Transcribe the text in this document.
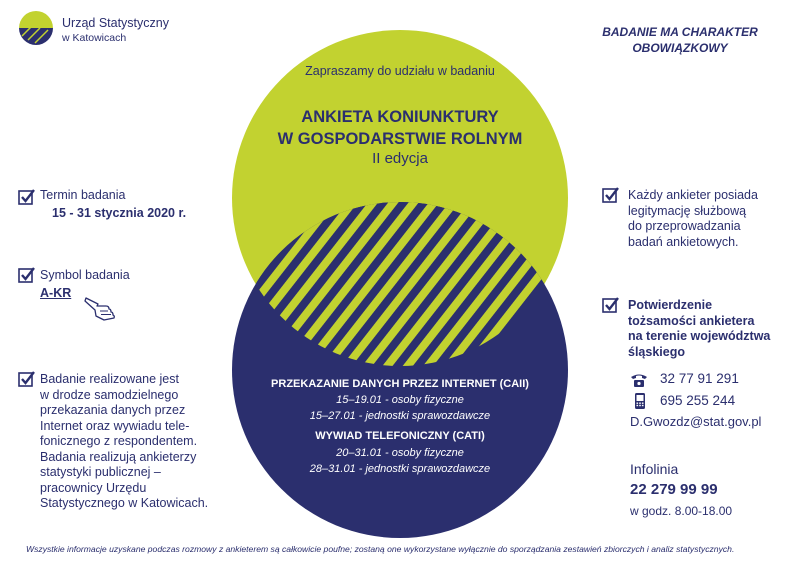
Urząd Statystyczny
w Katowicach	BADANIE MA CHARAKTER
OBOWIĄZKOWY
Zapraszamy do udziału w badaniu
ANKIETA KONIUNKTURY
W GOSPODARSTWIE ROLNYM
II edycja
PRZEKAZANIE DANYCH PRZEZ INTERNET (CAII)
15–19.01 - osoby fizyczne
15–27.01 - jednostki sprawozdawcze
WYWIAD TELEFONICZNY (CATI)
20–31.01 - osoby fizyczne
28–31.01 - jednostki sprawozdawcze
Termin badania
15 - 31 stycznia 2020 r.
Symbol badania
A-KR
Badanie realizowane jest
w drodze samodzielnego
przekazania danych przez
Internet oraz wywiadu tele-
fonicznego z respondentem.
Badania realizują ankieterzy
statystyki publicznej –
pracownicy Urzędu
Statystycznego w Katowicach.
Każdy ankieter posiada
legitymację służbową
do przeprowadzania
badań ankietowych.
Potwierdzenie
tożsamości ankietera
na terenie województwa
śląskiego
32 77 91 291
695 255 244
D.Gwozdz@stat.gov.pl
Infolinia
22 279 99 99
w godz. 8.00-18.00
Wszystkie informacje uzyskane podczas rozmowy z ankieterem są całkowicie poufne; zostaną one wykorzystane wyłącznie do sporządzania zestawień zbiorczych i analiz statystycznych.
